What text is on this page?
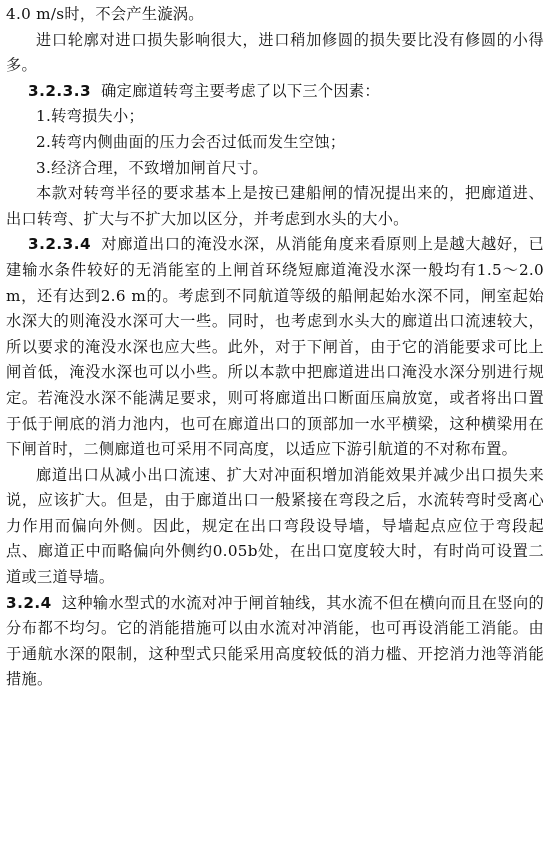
4.0 m/s时，不会产生漩涡。

进口轮廓对进口损失影响很大，进口稍加修圆的损失要比没有修圆的小得多。

3.2.3.3 确定廊道转弯主要考虑了以下三个因素：

1.转弯损失小；

2.转弯内侧曲面的压力会否过低而发生空蚀；

3.经济合理，不致增加闸首尺寸。

本款对转弯半径的要求基本上是按已建船闸的情况提出来的，把廊道进、出口转弯、扩大与不扩大加以区分，并考虑到水头的大小。

3.2.3.4 对廊道出口的淹没水深，从消能角度来看原则上是越大越好，已建输水条件较好的无消能室的上闸首环绕短廊道淹没水深一般均有1.5～2.0 m，还有达到2.6 m的。考虑到不同航道等级的船闸起始水深不同，闸室起始水深大的则淹没水深可大一些。同时，也考虑到水头大的廊道出口流速较大，所以要求的淹没水深也应大些。此外，对于下闸首，由于它的消能要求可比上闸首低，淹没水深也可以小些。所以本款中把廊道进出口淹没水深分别进行规定。若淹没水深不能满足要求，则可将廊道出口断面压扁放宽，或者将出口置于低于闸底的消力池内，也可在廊道出口的顶部加一水平横梁，这种横梁用在下闸首时，二侧廊道也可采用不同高度，以适应下游引航道的不对称布置。

廊道出口从减小出口流速、扩大对冲面积增加消能效果并减少出口损失来说，应该扩大。但是，由于廊道出口一般紧接在弯段之后，水流转弯时受离心力作用而偏向外侧。因此，规定在出口弯段设导墙，导墙起点应位于弯段起点、廊道正中而略偏向外侧约0.05b处，在出口宽度较大时，有时尚可设置二道或三道导墙。

3.2.4 这种输水型式的水流对冲于闸首轴线，其水流不但在横向而且在竖向的分布都不均匀。它的消能措施可以由水流对冲消能，也可再设消能工消能。由于通航水深的限制，这种型式只能采用高度较低的消力槛、开挖消力池等消能措施。
